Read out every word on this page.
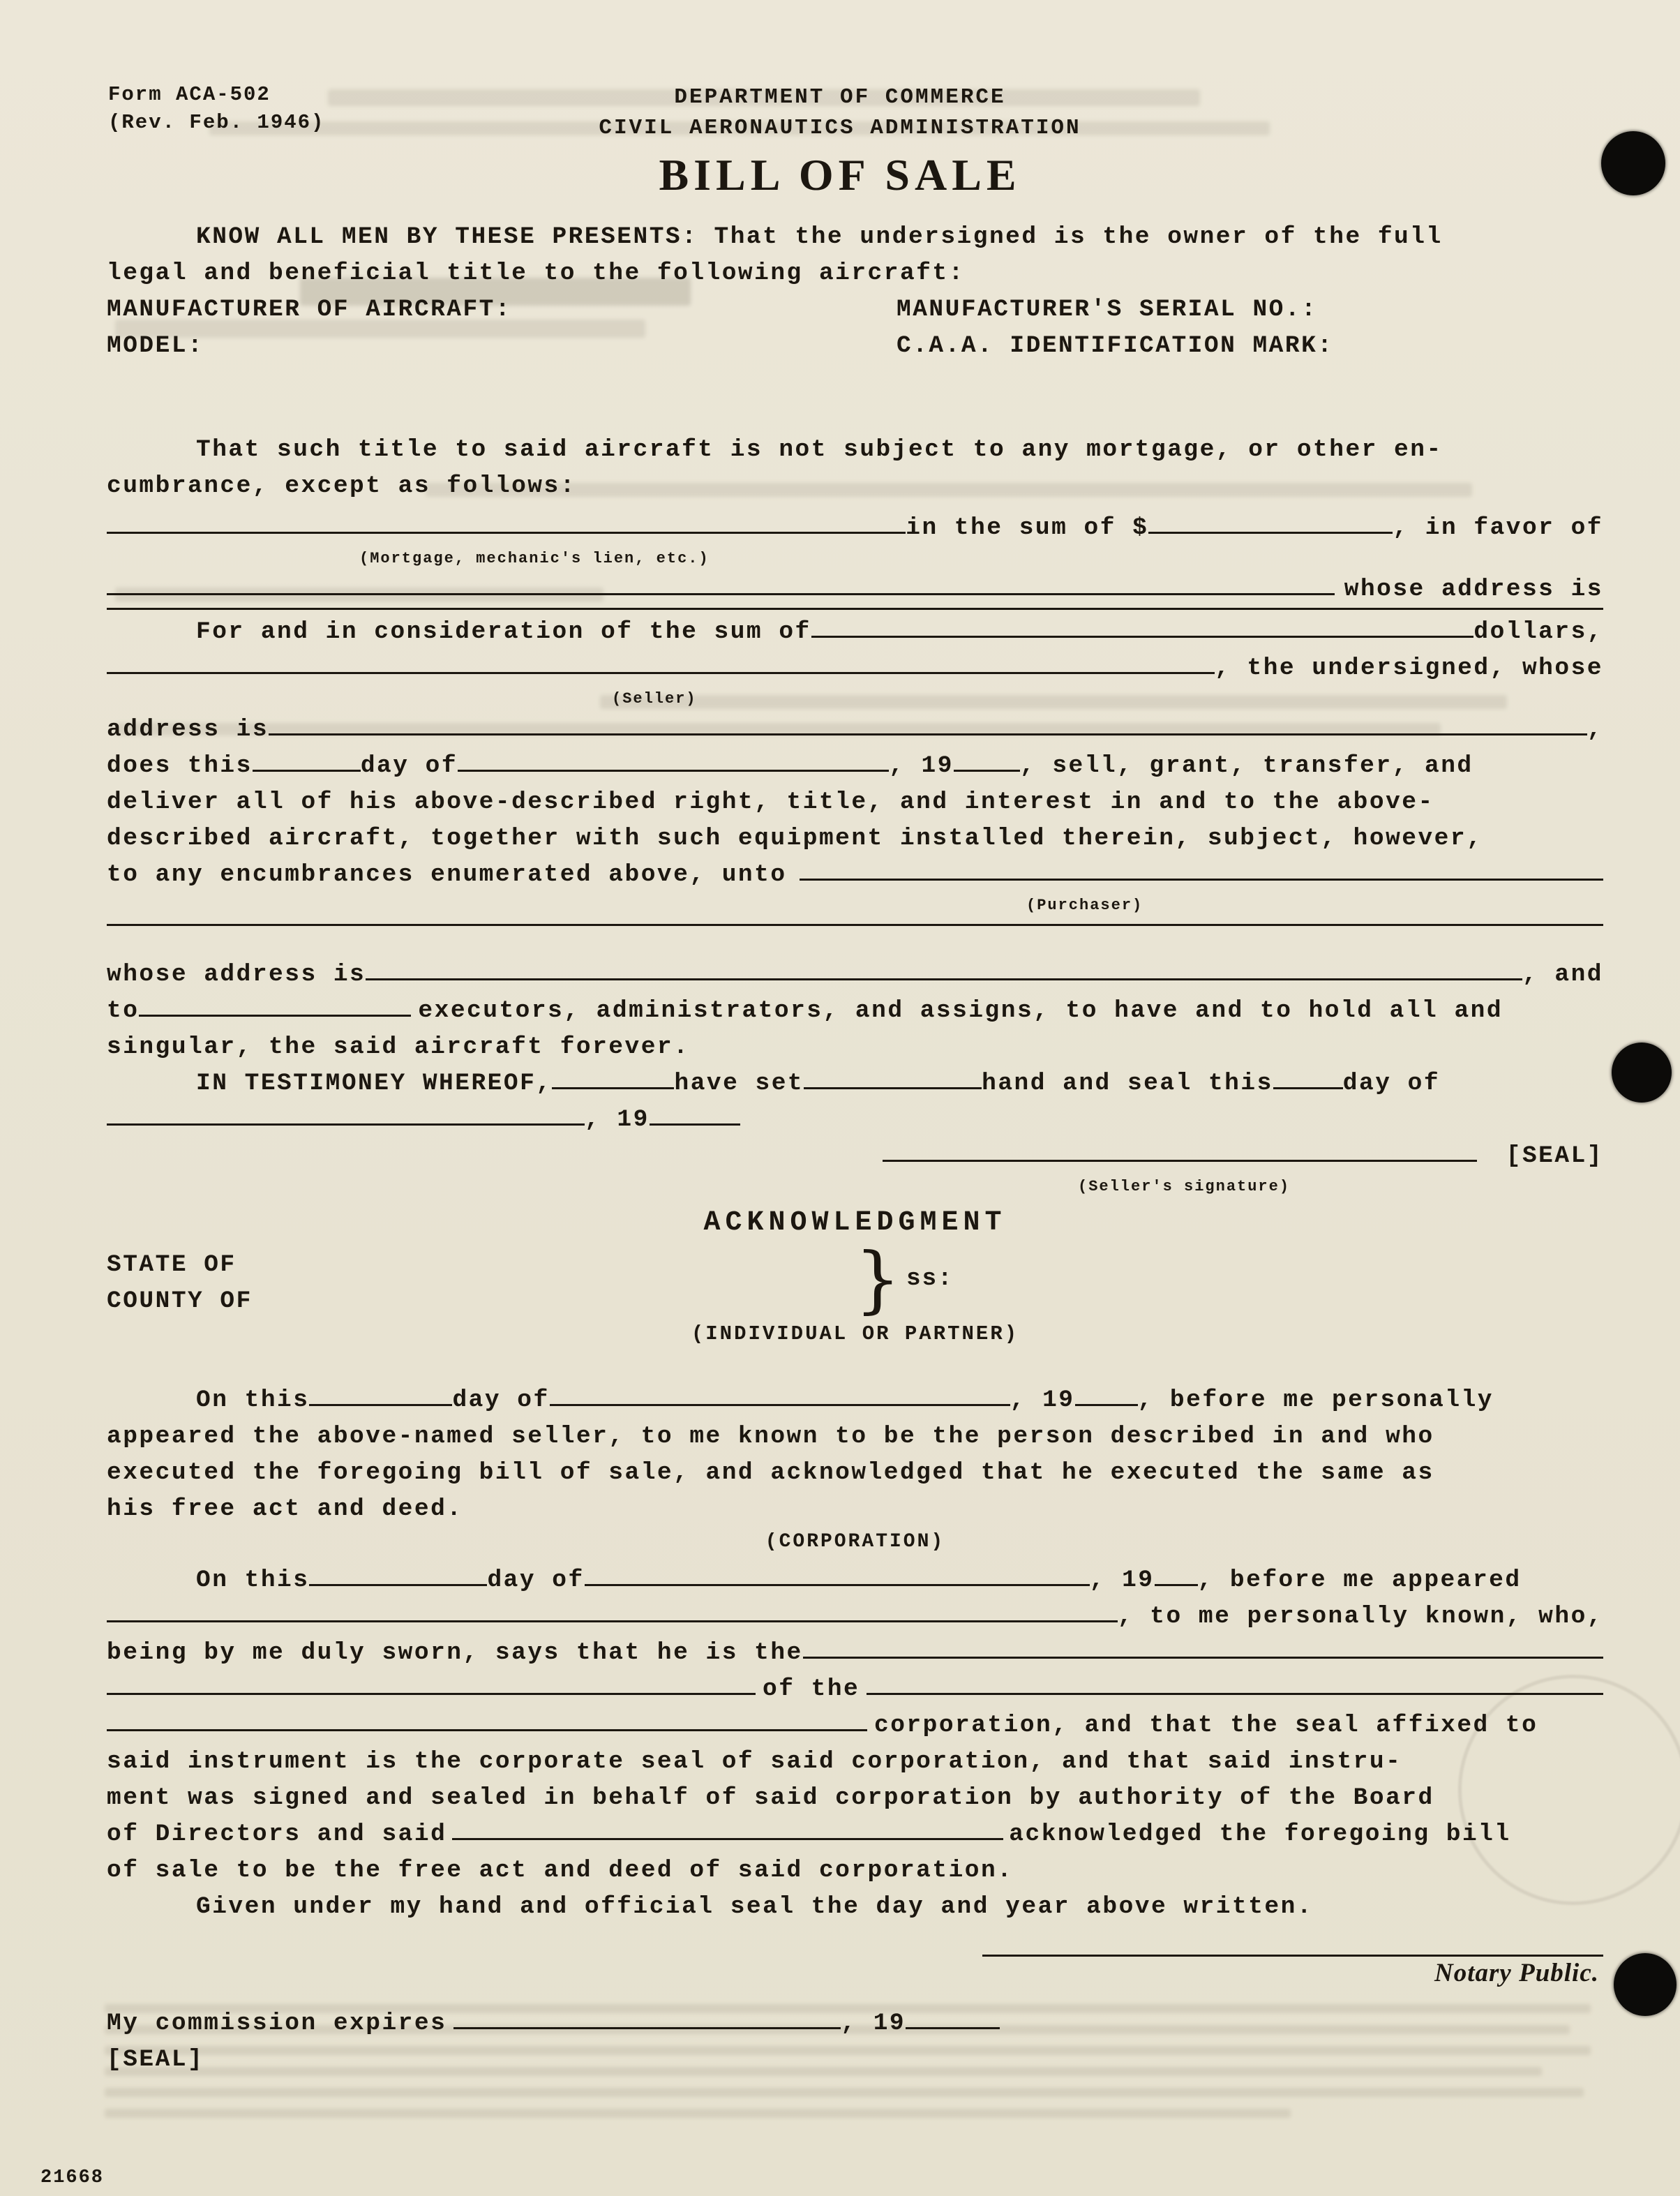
Form ACA-502
(Rev. Feb. 1946)
DEPARTMENT OF COMMERCE
CIVIL AERONAUTICS ADMINISTRATION
BILL OF SALE
KNOW ALL MEN BY THESE PRESENTS: That the undersigned is the owner of the full
legal and beneficial title to the following aircraft:
MANUFACTURER OF AIRCRAFT:	MANUFACTURER'S SERIAL NO.:
MODEL:	C.A.A. IDENTIFICATION MARK:
That such title to said aircraft is not subject to any mortgage, or other en-
cumbrance, except as follows:
in the sum of $	, in favor of
(Mortgage, mechanic's lien, etc.)
whose address is
For and in consideration of the sum of	dollars,
, the undersigned, whose
(Seller)
address is	,
does this	day of	, 19	, sell, grant, transfer, and
deliver all of his above-described right, title, and interest in and to the above-
described aircraft, together with such equipment installed therein, subject, however,
to any encumbrances enumerated above, unto
(Purchaser)
whose address is	, and
to	executors, administrators, and assigns, to have and to hold all and
singular, the said aircraft forever.
IN TESTIMONEY WHEREOF,	have set	hand and seal this	day of
, 19
[SEAL]
(Seller's signature)
ACKNOWLEDGMENT
STATE OF
COUNTY OF	} ss:
(INDIVIDUAL OR PARTNER)
On this	day of	, 19	, before me personally
appeared the above-named seller, to me known to be the person described in and who
executed the foregoing bill of sale, and acknowledged that he executed the same as
his free act and deed.
(CORPORATION)
On this	day of	, 19 , before me appeared
, to me personally known, who,
being by me duly sworn, says that he is the
of the
corporation, and that the seal affixed to
said instrument is the corporate seal of said corporation, and that said instru-
ment was signed and sealed in behalf of said corporation by authority of the Board
of Directors and said	acknowledged the foregoing bill
of sale to be the free act and deed of said corporation.
Given under my hand and official seal the day and year above written.
Notary Public.
My commission expires	, 19
[SEAL]
21668
